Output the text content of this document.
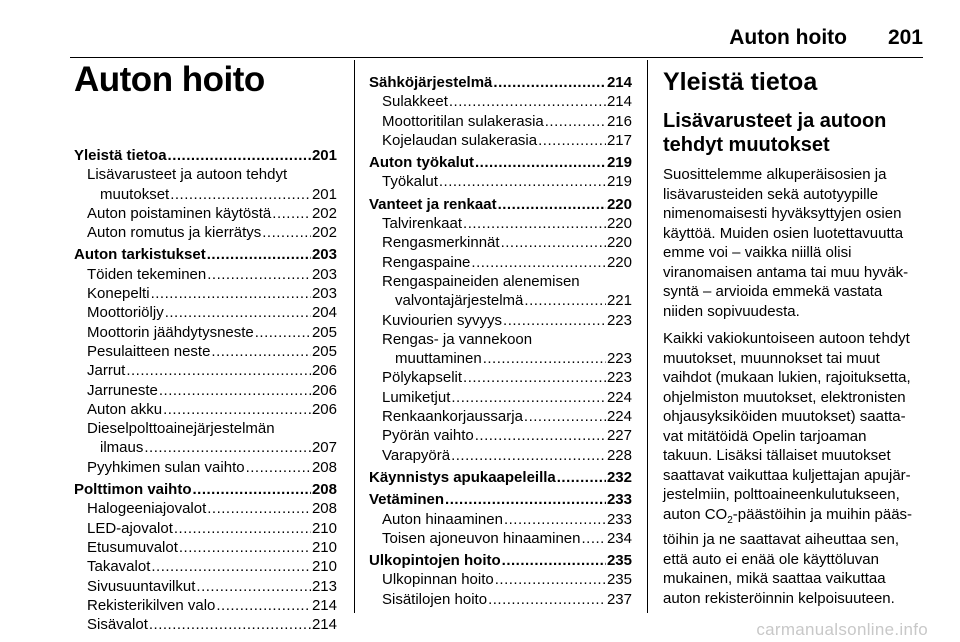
Auton hoito 201
Auton hoito
Yleistä tietoa .....	201
Lisävarusteet ja autoon tehdyt
muutokset .....	201
Auton poistaminen käytöstä .....	202
Auton romutus ja kierrätys .....	202
Auton tarkistukset .....	203
Töiden tekeminen .....	203
Konepelti .....	203
Moottoriöljy .....	204
Moottorin jäähdytysneste .....	205
Pesulaitteen neste .....	205
Jarrut .....	206
Jarruneste .....	206
Auton akku .....	206
Dieselpolttoainejärjestelmän
ilmaus .....	207
Pyyhkimen sulan vaihto .....	208
Polttimon vaihto .....	208
Halogeeniajovalot .....	208
LED-ajovalot .....	210
Etusumuvalot .....	210
Takavalot .....	210
Sivusuuntavilkut .....	213
Rekisterikilven valo .....	214
Sisävalot .....	214
Sähköjärjestelmä .....	214
Sulakkeet .....	214
Moottoritilan sulakerasia .....	216
Kojelaudan sulakerasia .....	217
Auton työkalut .....	219
Työkalut .....	219
Vanteet ja renkaat .....	220
Talvirenkaat .....	220
Rengasmerkinnät .....	220
Rengaspaine .....	220
Rengaspaineiden alenemisen
valvontajärjestelmä .....	221
Kuviourien syvyys .....	223
Rengas- ja vannekoon
muuttaminen .....	223
Pölykapselit .....	223
Lumiketjut .....	224
Renkaankorjaussarja .....	224
Pyörän vaihto .....	227
Varapyörä .....	228
Käynnistys apukaapeleilla .....	232
Vetäminen .....	233
Auton hinaaminen .....	233
Toisen ajoneuvon hinaaminen ..... 234
Ulkopintojen hoito .....	235
Ulkopinnan hoito .....	235
Sisätilojen hoito .....	237
Yleistä tietoa
Lisävarusteet ja autoon
tehdyt muutokset
Suosittelemme alkuperäisosien ja
lisävarusteiden sekä autotyypille
nimenomaisesti hyväksyttyjen osien
käyttöä. Muiden osien luotettavuutta
emme voi – vaikka niillä olisi
viranomaisen antama tai muu hyväk-
syntä – arvioida emmekä vastata
niiden sopivuudesta.
Kaikki vakiokuntoiseen autoon tehdyt
muutokset, muunnokset tai muut
vaihdot (mukaan lukien, rajoituksetta,
ohjelmiston muutokset, elektronisten
ohjausyksiköiden muutokset) saatta-
vat mitätöidä Opelin tarjoaman
takuun. Lisäksi tällaiset muutokset
saattavat vaikuttaa kuljettajan apujär-
jestelmiin, polttoaineenkulutukseen,
auton $CO_2$-päästöihin ja muihin pääs-
töihin ja ne saattavat aiheuttaa sen,
että auto ei enää ole käyttöluvan
mukainen, mikä saattaa vaikuttaa
auton rekisteröinnin kelpoisuuteen.
carmanualsonline.info
